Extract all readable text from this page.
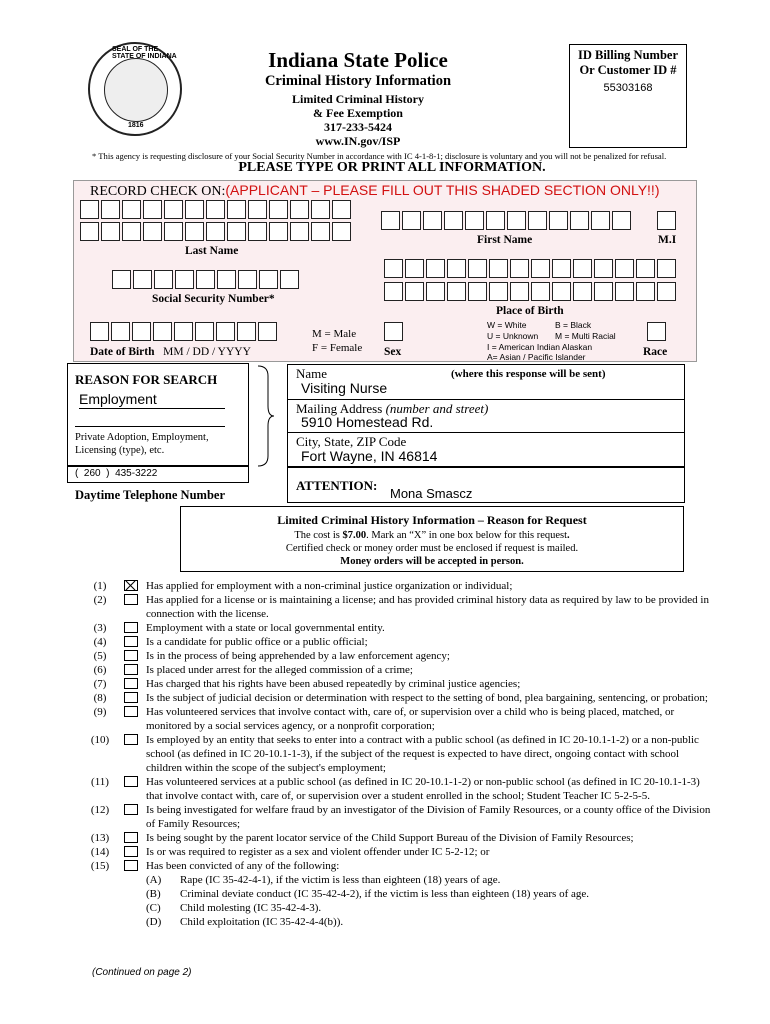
SEAL OF THE STATE OF INDIANA
1816
Indiana State Police
Criminal History Information
Limited Criminal History
& Fee Exemption
317-233-5424
www.IN.gov/ISP
ID Billing Number
Or Customer ID #
55303168
* This agency is requesting disclosure of your Social Security Number in accordance with IC 4-1-8-1; disclosure is voluntary and you will not be penalized for refusal.
PLEASE TYPE OR PRINT ALL INFORMATION.
RECORD CHECK ON:(APPLICANT – PLEASE FILL OUT THIS SHADED SECTION ONLY!!)
Last Name
First Name	M.I
Social Security Number*
Place of Birth
Date of Birth MM / DD / YYYY
M = Male
F = Female Sex
W = White	B = Black
U = Unknown M = Multi Racial
I = American Indian Alaskan
A= Asian / Pacific Islander	Race
REASON FOR SEARCH
Employment
Private Adoption, Employment, Licensing (type), etc.
( 260 ) 435-3222
Daytime Telephone Number
Name	(where this response will be sent)
Visiting Nurse
Mailing Address (number and street)
5910 Homestead Rd.
City, State, ZIP Code
Fort Wayne, IN 46814
ATTENTION:
Mona Smascz
Limited Criminal History Information – Reason for Request
The cost is $7.00. Mark an “X” in one box below for this request.
Certified check or money order must be enclosed if request is mailed.
Money orders will be accepted in person.
(1)	Has applied for employment with a non-criminal justice organization or individual;
(2)	Has applied for a license or is maintaining a license; and has provided criminal history data as required by law to be provided in connection with the license.
(3)	Employment with a state or local governmental entity.
(4)	Is a candidate for public office or a public official;
(5)	Is in the process of being apprehended by a law enforcement agency;
(6)	Is placed under arrest for the alleged commission of a crime;
(7)	Has charged that his rights have been abused repeatedly by criminal justice agencies;
(8)	Is the subject of judicial decision or determination with respect to the setting of bond, plea bargaining, sentencing, or probation;
(9)	Has volunteered services that involve contact with, care of, or supervision over a child who is being placed, matched, or monitored by a social services agency, or a nonprofit corporation;
(10)	Is employed by an entity that seeks to enter into a contract with a public school (as defined in IC 20-10.1-1-2) or a non-public school (as defined in IC 20-10.1-1-3), if the subject of the request is expected to have direct, ongoing contact with school children within the scope of the subject's employment;
(11)	Has volunteered services at a public school (as defined in IC 20-10.1-1-2) or non-public school (as defined in IC 20-10.1-1-3) that involve contact with, care of, or supervision over a student enrolled in the school; Student Teacher IC 5-2-5-5.
(12)	Is being investigated for welfare fraud by an investigator of the Division of Family Resources, or a county office of the Division of Family Resources;
(13)	Is being sought by the parent locator service of the Child Support Bureau of the Division of Family Resources;
(14)	Is or was required to register as a sex and violent offender under IC 5-2-12; or
(15)	Has been convicted of any of the following:
(A)	Rape (IC 35-42-4-1), if the victim is less than eighteen (18) years of age.
(B)	Criminal deviate conduct (IC 35-42-4-2), if the victim is less than eighteen (18) years of age.
(C)	Child molesting (IC 35-42-4-3).
(D)	Child exploitation (IC 35-42-4-4(b)).
(Continued on page 2)
